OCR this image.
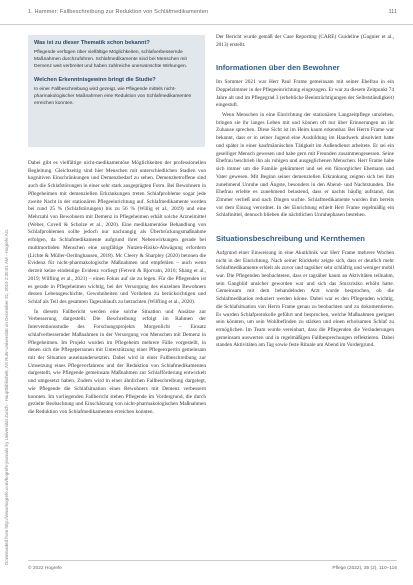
1. Hammer: Fallbeschreibung zur Reduktion von Schläfmedikamenten	111
Downloaded from http://www.hogrefe.com/hogrefe-journals by Universitat Zurich - Hauptbibliothek, AS Ruhr-Universität on December 31, 2019 2:35:01 AM - Hogrefe AG.
Was ist zu dieser Thematik schon bekannt?

Pflegende verfügen über vielfältige Möglichkeiten, schlafverbessernde Maßnahmen durchzuführen. Schlafmedikamente sind bei Menschen mit Demenz weit verbreitet und haben zahlreiche unerwünschte Wirkungen.

Welchen Erkenntnisgewinn bringt die Studie?

In einer Fallbeschreibung wird gezeigt, wie Pflegende mittels nicht-pharmakologischer Maßnahmen eine Reduktion von Schlafmedikamenten erreichen konnten.

Dabei gibt es vielfältige nicht-medikamentöse Möglichkeiten der professionellen Begleitung. Gleichzeitig sind hier Menschen mit unterschiedlichen Stadien von kognitiven Einschränkungen und Demenzbedarf zu sehen. Demenzbetroffene sind auch die Schlafstörungen in einer sehr stark ausgeprägten Form. Bei Bewohnern in Pflegeheimen mit demenziellen Erkrankungen treten Schlafprobleme sogar jede zweite Nacht in der stationären Pflegeeinrichtung auf. Schlafmedikamente werden bei rund 25 % (Schlafstörungen) bis zu 56 % (Willig et al., 2019) und eine Mehrzahl von Bewohnern mit Demenz in Pflegeheimen erhält solche Arzneimittel (Weber, Covell & Scholze et al., 2020). Eine medikamentöse Behandlung von Schlafproblemen sollte jedoch nur nachrangig als Überbrückungsmaßnahme erfolgen, da Schlafmedikamente aufgrund ihrer Nebenwirkungen gerade bei multimorbiden Menschen eine sorgfältige Nutzen-Risiko-Abwägung erfordern (Lichte & Müller-Oerlinghausen, 2018). Mc Cleery & Sharpley (2020) betonen die Evidenz für nicht-pharmakologische Maßnahmen und empfehlen – auch wenn derzeit keine eindeutige Evidenz vorliegt (Fetveit & Bjorvatn, 2016; Shang et al., 2019; Wilfling et al., 2021) – einen Fokus auf sie zu legen. Für die Pflegenden ist es gerade in Pflegeheimen wichtig, bei der Versorgung des einzelnen Bewohners dessen Lebensgeschichte, Gewohnheiten und Vorlieben zu berücksichtigen und Schlaf als Teil des gesamten Tagesablaufs zu betrachten (Wilfling et al., 2020).

In diesem Fallbericht werden eine solche Situation und Ansätze zur Verbesserung dargestellt. Die Beschreibung erfolgt im Rahmen der Interventionsstudie des Forschungsprojekts Morgenlicht – Einsatz schlafverbessernder Maßnahmen in der Versorgung von Menschen mit Demenz in Pflegeheimen. Im Projekt wurden im Pflegeheim mehrere Fälle vorgestellt, in denen sich die Pflegepersonen mit Unterstützung einer Pflegeexpertin gemeinsam mit der Situation auseinandersetzten. Dabei wird in einer Fallbeschreibung zur Umsetzung eines Pflegeverfahrens und der Reduktion von Schlafmedikamenten dargestellt, wie Pflegende gemeinsam Maßnahmen zur Schlafförderung entwickelt und umgesetzt haben. Zudem wird in einer ähnlichen Fallbeschreibung dargelegt, wie Pflegende die Schlafsituation eines Bewohners mit Demenz verbessern konnten. Im vorliegenden Fallbericht stehen Pflegende im Vordergrund, die durch gezielte Beobachtung und Einschätzung von nicht-pharmakologischen Maßnahmen die Reduktion von Schlafmedikamenten erreichen konnten.

Der Bericht wurde gemäß der Case Reporting (CARE) Guideline (Gagnier et al., 2013) erstellt.

Informationen über den Bewohner

Im Sommer 2021 war Herr Paul Frame gemeinsam mit seiner Ehefrau in ein Doppelzimmer in der Pflegeeinrichtung eingezogen. Er war zu diesem Zeitpunkt 74 Jahre alt und im Pflegegrad 3 (erhebliche Beeinträchtigungen der Selbstständigkeit) eingestuft.

Wenn Menschen in eine Einrichtung der stationären Langzeitpflege umziehen, bringen sie ihr langes Leben mit und können oft nur über Erinnerungen an ihr Zuhause sprechen. Diese Sicht ist im Heim kaum erkennbar. Bei Herrn Frame war bekannt, dass er in seiner Jugend eine Ausbildung im Handwerk absolviert hatte und später in einer kaufmännischen Tätigkeit im Außendienst arbeitete. Er sei ein geselliger Mensch gewesen und habe gern mit Freunden zusammengesessen. Seine Ehefrau beschrieb ihn als ruhigen und ausgeglichenen Menschen. Herr Frame habe sich immer um die Familie gekümmert und sei ein fürsorglicher Ehemann und Vater gewesen. Mit Beginn seiner demenziellen Erkrankung zeigten sich bei ihm zunehmend Unruhe und Ängste, besonders in den Abend- und Nachtstunden. Die Ehefrau erlebte es zunehmend belastend, dass er nachts häufig aufstand, das Zimmer verließ und nach Dingen suchte. Schlafmedikamente wurden ihm bereits vor dem Einzug verordnet. In der Einrichtung erhielt Herr Frame regelmäßig ein Schlafmittel, dennoch blieben die nächtlichen Unruhephasen bestehen.

Situationsbeschreibung und Kernthemen

Aufgrund einer Einweisung in eine Akutklinik war Herr Frame mehrere Wochen nicht in der Einrichtung. Nach seiner Rückkehr zeigte sich, dass er deutlich mehr Schlafmedikamente erhielt als zuvor und tagsüber sehr schläfrig und weniger mobil war. Die Pflegenden beobachteten, dass er tagsüber kaum an Aktivitäten teilnahm, sein Gangbild unsicher geworden war und sich das Sturzrisiko erhöht hatte. Gemeinsam mit dem behandelnden Arzt wurde besprochen, ob die Schlafmedikation reduziert werden könne. Dabei war es den Pflegenden wichtig, die Schlafsituation von Herrn Frame genau zu beobachten und zu dokumentieren. Es wurden Schlafprotokolle geführt und besprochen, welche Maßnahmen geeignet sein könnten, um sein Wohlbefinden zu stärken und einen erholsamen Schlaf zu ermöglichen. Im Team wurde vereinbart, dass die Pflegenden die Veränderungen gemeinsam auswerten und in regelmäßigen Fallbesprechungen reflektieren. Dabei standen Aktivitäten am Tag sowie feste Rituale am Abend im Vordergrund.

© 2022 Hogrefe	Pflege (2022), 35 (2), 110–116
